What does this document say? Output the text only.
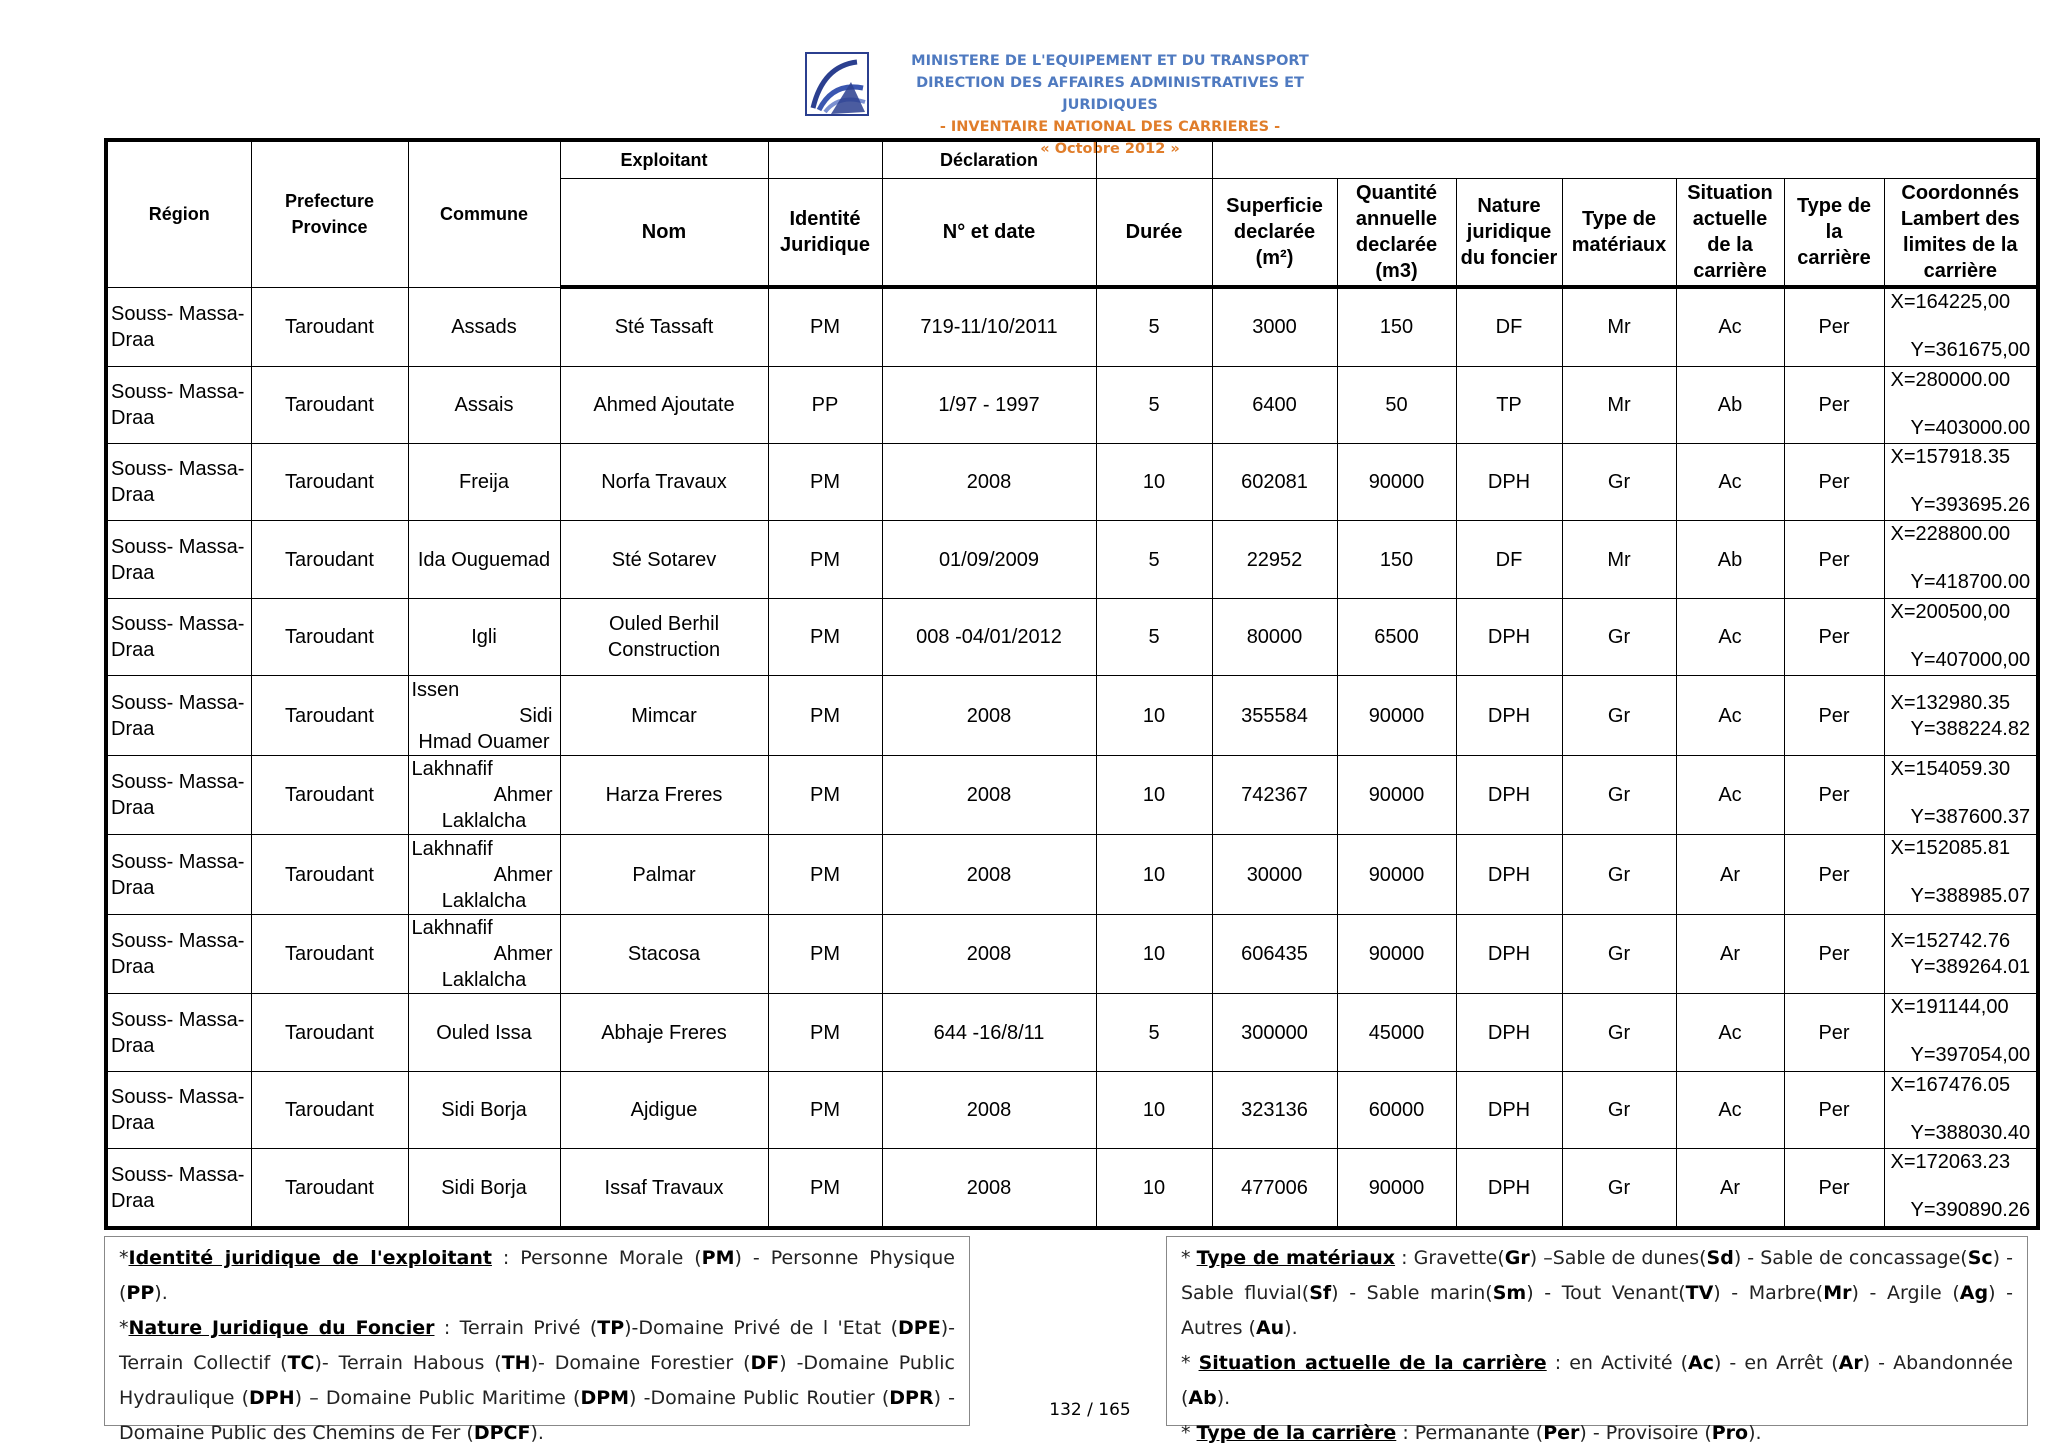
MINISTERE DE L'EQUIPEMENT ET DU TRANSPORT
DIRECTION DES AFFAIRES ADMINISTRATIVES ET JURIDIQUES
- INVENTAIRE NATIONAL DES CARRIERES -
« Octobre 2012 »
Région	Prefecture Province	Commune	Exploitant		Déclaration								
			Nom	Identité Juridique	N° et date	Durée	Superficie declarée (m²)	Quantité annuelle declarée (m3)	Nature juridique du foncier	Type de matériaux	Situation actuelle de la carrière	Type de la carrière	Coordonnés Lambert des limites de la carrière
Souss- Massa-Draa	Taroudant	Assads	Sté Tassaft	PM	719-11/10/2011	5	3000	150	DF	Mr	Ac	Per	X=164225,00
Y=361675,00

Souss- Massa-Draa	Taroudant	Assais	Ahmed Ajoutate	PP	1/97 - 1997	5	6400	50	TP	Mr	Ab	Per	X=280000.00
Y=403000.00

Souss- Massa-Draa	Taroudant	Freija	Norfa Travaux	PM	2008	10	602081	90000	DPH	Gr	Ac	Per	X=157918.35
Y=393695.26

Souss- Massa-Draa	Taroudant	Ida Ouguemad	Sté Sotarev	PM	01/09/2009	5	22952	150	DF	Mr	Ab	Per	X=228800.00
Y=418700.00

Souss- Massa-Draa	Taroudant	Igli	Ouled Berhil Construction	PM	008 -04/01/2012	5	80000	6500	DPH	Gr	Ac	Per	X=200500,00
Y=407000,00

Souss- Massa-Draa	Taroudant	Issen
Sidi
Hmad Ouamer	Mimcar	PM	2008	10	355584	90000	DPH	Gr	Ac	Per	X=132980.35
Y=388224.82

Souss- Massa-Draa	Taroudant	Lakhnafif
Ahmer
Laklalcha	Harza Freres	PM	2008	10	742367	90000	DPH	Gr	Ac	Per	X=154059.30
Y=387600.37

Souss- Massa-Draa	Taroudant	Lakhnafif
Ahmer
Laklalcha	Palmar	PM	2008	10	30000	90000	DPH	Gr	Ar	Per	X=152085.81
Y=388985.07

Souss- Massa-Draa	Taroudant	Lakhnafif
Ahmer
Laklalcha	Stacosa	PM	2008	10	606435	90000	DPH	Gr	Ar	Per	X=152742.76
Y=389264.01

Souss- Massa-Draa	Taroudant	Ouled Issa	Abhaje Freres	PM	644 -16/8/11	5	300000	45000	DPH	Gr	Ac	Per	X=191144,00
Y=397054,00

Souss- Massa-Draa	Taroudant	Sidi Borja	Ajdigue	PM	2008	10	323136	60000	DPH	Gr	Ac	Per	X=167476.05
Y=388030.40

Souss- Massa-Draa	Taroudant	Sidi Borja	Issaf Travaux	PM	2008	10	477006	90000	DPH	Gr	Ar	Per	X=172063.23
Y=390890.26

*Identité juridique de l'exploitant : Personne Morale (PM) - Personne Physique (PP).

*Nature Juridique du Foncier : Terrain Privé (TP)-Domaine Privé de l 'Etat (DPE)-Terrain Collectif (TC)- Terrain Habous (TH)- Domaine Forestier (DF) -Domaine Public Hydraulique (DPH) – Domaine Public Maritime (DPM) -Domaine Public Routier (DPR) - Domaine Public des Chemins de Fer (DPCF).

* Type de matériaux : Gravette(Gr) –Sable de dunes(Sd) - Sable de concassage(Sc) - Sable fluvial(Sf) - Sable marin(Sm) - Tout Venant(TV) - Marbre(Mr) - Argile (Ag) - Autres (Au).

* Situation actuelle de la carrière : en Activité (Ac) - en Arrêt (Ar) - Abandonnée (Ab).

* Type de la carrière : Permanante (Per) - Provisoire (Pro).

132 / 165
